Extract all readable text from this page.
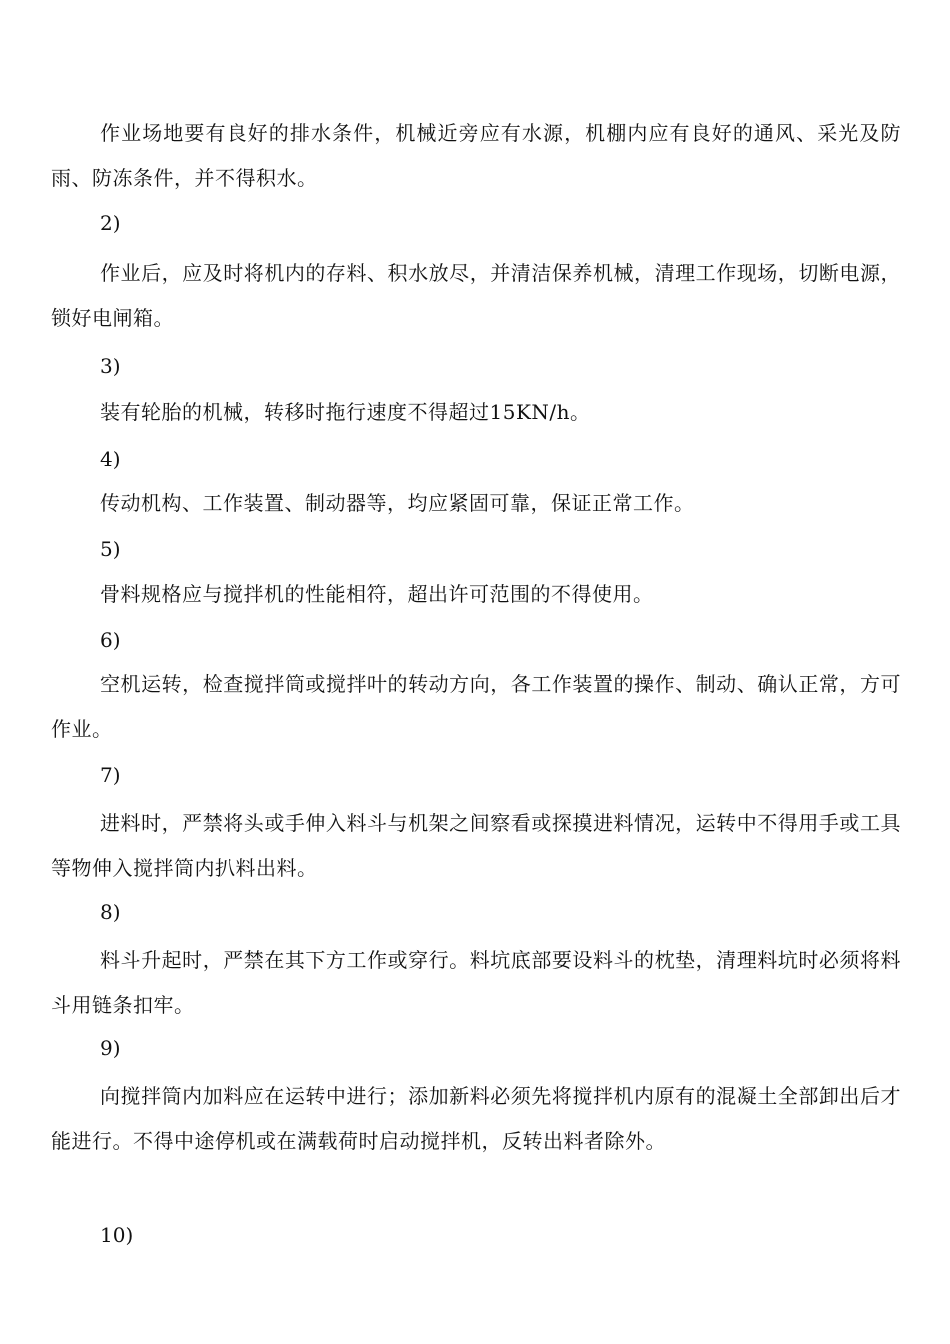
作业场地要有良好的排水条件，机械近旁应有水源，机棚内应有良好的通风、采光及防雨、防冻条件，并不得积水。

2)

作业后，应及时将机内的存料、积水放尽，并清洁保养机械，清理工作现场，切断电源，锁好电闸箱。

3)

装有轮胎的机械，转移时拖行速度不得超过15KN/h。

4)

传动机构、工作装置、制动器等，均应紧固可靠，保证正常工作。

5)

骨料规格应与搅拌机的性能相符，超出许可范围的不得使用。

6)

空机运转，检查搅拌筒或搅拌叶的转动方向，各工作装置的操作、制动、确认正常，方可作业。

7)

进料时，严禁将头或手伸入料斗与机架之间察看或探摸进料情况，运转中不得用手或工具等物伸入搅拌筒内扒料出料。

8)

料斗升起时，严禁在其下方工作或穿行。料坑底部要设料斗的枕垫，清理料坑时必须将料斗用链条扣牢。

9)

向搅拌筒内加料应在运转中进行；添加新料必须先将搅拌机内原有的混凝土全部卸出后才能进行。不得中途停机或在满载荷时启动搅拌机，反转出料者除外。

10)
